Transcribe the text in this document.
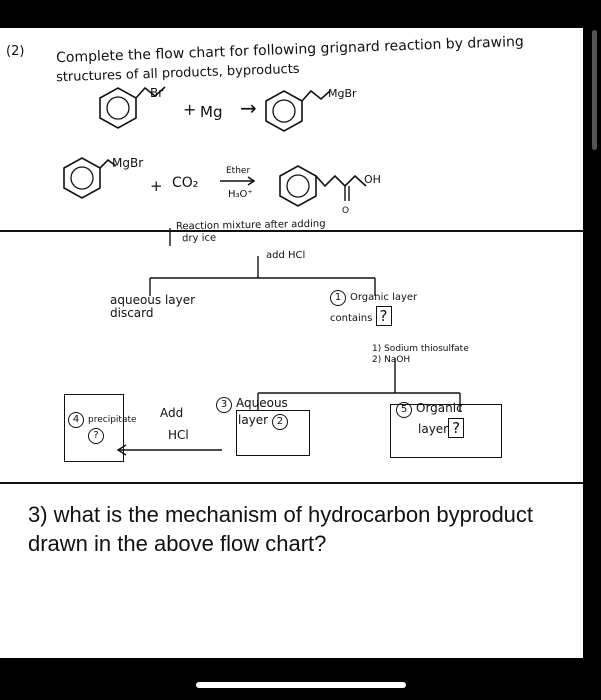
(2) Complete the flow chart for following grignard reaction by drawing
structures of all products, byproducts
Br
+ Mg →
MgBr
MgBr
+ CO₂
Ether
H₃O⁺
O
OH
Reaction mixture after adding
dry ice
add HCl
aqueous layer
discard
1 Organic layer
contains ?
1) Sodium thiosulfate
2) NaOH
3 Aqueous
layer 2
5 Organic
layer ?
Add
HCl
4 precipitate
?
3) what is the mechanism of hydrocarbon byproduct drawn in the above flow chart?
